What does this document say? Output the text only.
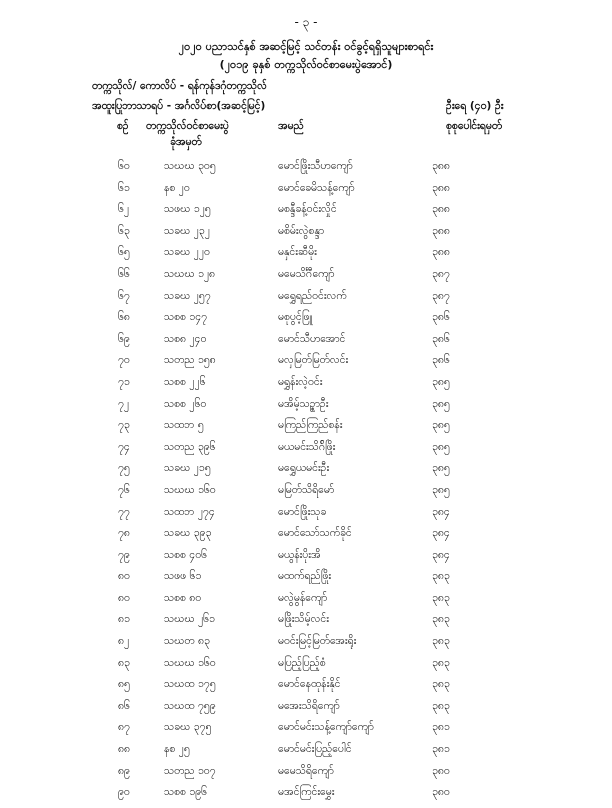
- ၃ -
၂၀၂၀ ပညာသင်နှစ် အဆင့်မြင့် သင်တန်း ဝင်ခွင့်ရရှိသူများစာရင်း
(၂၀၁၉ ခုနှစ် တက္ကသိုလ်ဝင်စာမေးပွဲအောင်)
တက္ကသိုလ်/ ကောလိပ် - ရန်ကုန်ဒဂုံတက္ကသိုလ်
အထူးပြုဘာသာရပ် - အင်္ဂလိပ်စာ(အဆင့်မြင့်)	ဦးရေ (၄၀) ဦး
စဉ် တက္ကသိုလ်ဝင်စာမေးပွဲ
ခုံအမှတ်
အမည်	စုစုပေါင်းရမှတ်
၆၀	သဃဃ ၃၀၅	မောင်ဖြိုးသီဟကျော်	၃၈၈
၆၁	နစ ၂၀	မောင်ခေမိသန့်ကျော်	၃၈၈
၆၂	သဖဃ ၁၂၅	မစန္ဒီခန့်ဝင်းလှိုင်	၃၈၈
၆၃	သခဃ ၂၃၂	မစိမ်းလွဲစန္ဒာ	၃၈၈
၆၅	သခဃ ၂၂၀	မနှင်းဆီမိုး	၃၈၈
၆၆	သဃဃ ၁၂၈	မမေသိင်္ဂီကျော်	၃၈၇
၆၇	သခဃ ၂၅၇	မရွှေရည်ဝင်းလက်	၃၈၇
၆၈	သစစ ၁၄၇	မစုပွင့်ဖြူ	၃၈၆
၆၉	သစ၈ ၂၄၀	မောင်သီဟအောင်	၃၈၆
၇၀	သတည ၁၅၈	မလှမြတ်မြတ်လင်း	၃၈၆
၇၁	သစစ ၂၂၆	မရွှန်းလဲ့ဝင်း	၃၈၅
၇၂	သစစ ၂၆၀	မအိမ့်သဉ္စာဦး	၃၈၅
၇၃	သထဘ ၅	မကြည်ကြည်စန်း	၃၈၅
၇၄	သတည ၃၉၆	မယမင်းသိဂ်ိဖြိုး	၃၈၅
၇၅	သခဃ ၂၁၅	မရွှေယမင်းဦး	၃၈၅
၇၆	သဃဃ ၁၆၀	မမြတ်သိရိမော်	၃၈၅
၇၇	သထဘ ၂၇၄	မောင်ဖြိုးသုခ	၃၈၄
၇၈	သခဃ ၃၉၃	မောင်သော်သက်ခိုင်	၃၈၄
၇၉	သစစ ၄၀၆	မယွန်းပိုးအိ	၃၈၄
၈၀	သဖဖ ၆၁	မထက်ရည်ဖြိုး	၃၈၃
၈၀	သစစ ၈၀	မလွဲမွန်ကျော်	၃၈၃
၈၁	သဃဃ ၂၆၁	မဖြိုးသိမ့်လင်း	၃၈၃
၈၂	သဃတ ၈၃	မဝင်းမြင့်မြတ်အေးရိုး	၃၈၃
၈၃	သဃဃ ၁၆၀	မပြည့်ပြည့်စံ	၃၈၃
၈၅	သဃထ ၁၇၅	မောင်နေထုန်းနိုင်	၃၈၃
၈၆	သဃထ ၇၅၉	မအေးသိရိကျော်	၃၈၃
၈၇	သခဃ ၃၇၅	မောင်မင်းသန့်ကျော်ကျော်	၃၈၁
၈၈	နစ ၂၅	မောင်မင်းပြည့်ပေါင်	၃၈၁
၈၉	သတည ၁၀၇	မမေသိရိကျော်	၃၈၀
၉၀	သစစ ၁၉၆	မအင်ကြင်းမွှေး	၃၈၀
